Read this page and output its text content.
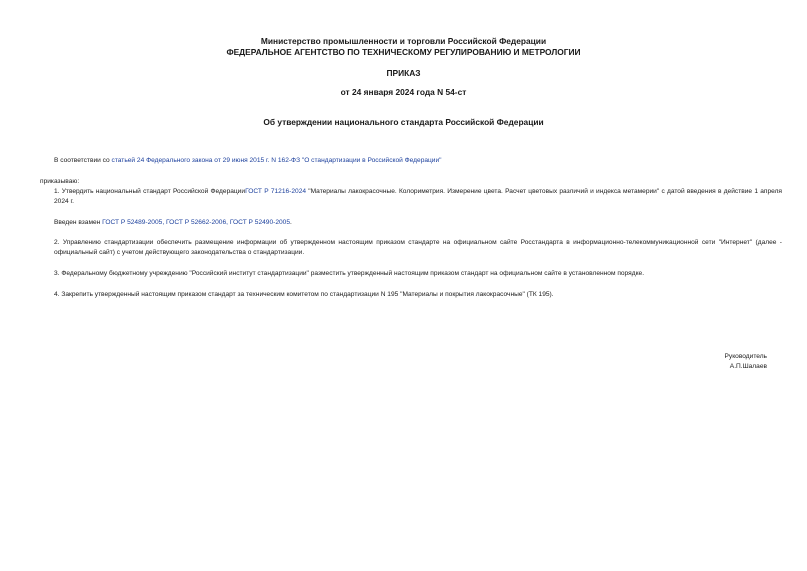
Министерство промышленности и торговли Российской Федерации
ФЕДЕРАЛЬНОЕ АГЕНТСТВО ПО ТЕХНИЧЕСКОМУ РЕГУЛИРОВАНИЮ И МЕТРОЛОГИИ
ПРИКАЗ
от 24 января 2024 года N 54-ст
Об утверждении национального стандарта Российской Федерации
В соответствии со статьей 24 Федерального закона от 29 июня 2015 г. N 162-ФЗ "О стандартизации в Российской Федерации"
приказываю:
1. Утвердить национальный стандарт Российской ФедерацииГОСТ Р 71216-2024 "Материалы лакокрасочные. Колориметрия. Измерение цвета. Расчет цветовых различий и индекса метамерии" с датой введения в действие 1 апреля 2024 г.
Введен взамен ГОСТ Р 52489-2005, ГОСТ Р 52662-2006, ГОСТ Р 52490-2005.
2. Управлению стандартизации обеспечить размещение информации об утвержденном настоящим приказом стандарте на официальном сайте Росстандарта в информационно-телекоммуникационной сети "Интернет" (далее - официальный сайт) с учетом действующего законодательства о стандартизации.
3. Федеральному бюджетному учреждению "Российский институт стандартизации" разместить утвержденный настоящим приказом стандарт на официальном сайте в установленном порядке.
4. Закрепить утвержденный настоящим приказом стандарт за техническим комитетом по стандартизации N 195 "Материалы и покрытия лакокрасочные" (ТК 195).
Руководитель
А.П.Шалаев
